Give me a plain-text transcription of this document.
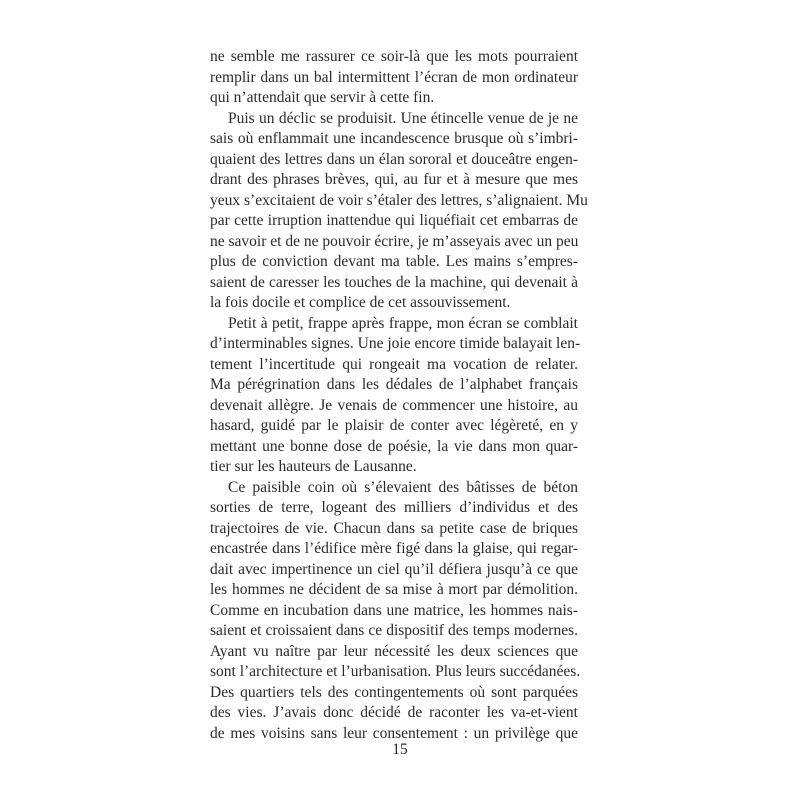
ne semble me rassurer ce soir-là que les mots pourraient
remplir dans un bal intermittent l’écran de mon ordinateur
qui n’attendait que servir à cette fin.
Puis un déclic se produisit. Une étincelle venue de je ne
sais où enflammait une incandescence brusque où s’imbri-
quaient des lettres dans un élan sororal et douceâtre engen-
drant des phrases brèves, qui, au fur et à mesure que mes
yeux s’excitaient de voir s’étaler des lettres, s’alignaient. Mu
par cette irruption inattendue qui liquéfiait cet embarras de
ne savoir et de ne pouvoir écrire, je m’asseyais avec un peu
plus de conviction devant ma table. Les mains s’empres-
saient de caresser les touches de la machine, qui devenait à
la fois docile et complice de cet assouvissement.
Petit à petit, frappe après frappe, mon écran se comblait
d’interminables signes. Une joie encore timide balayait len-
tement l’incertitude qui rongeait ma vocation de relater.
Ma pérégrination dans les dédales de l’alphabet français
devenait allègre. Je venais de commencer une histoire, au
hasard, guidé par le plaisir de conter avec légèreté, en y
mettant une bonne dose de poésie, la vie dans mon quar-
tier sur les hauteurs de Lausanne.
Ce paisible coin où s’élevaient des bâtisses de béton
sorties de terre, logeant des milliers d’individus et des
trajectoires de vie. Chacun dans sa petite case de briques
encastrée dans l’édifice mère figé dans la glaise, qui regar-
dait avec impertinence un ciel qu’il défiera jusqu’à ce que
les hommes ne décident de sa mise à mort par démolition.
Comme en incubation dans une matrice, les hommes nais-
saient et croissaient dans ce dispositif des temps modernes.
Ayant vu naître par leur nécessité les deux sciences que
sont l’architecture et l’urbanisation. Plus leurs succédanées.
Des quartiers tels des contingentements où sont parquées
des vies. J’avais donc décidé de raconter les va-et-vient
de mes voisins sans leur consentement : un privilège que
15
